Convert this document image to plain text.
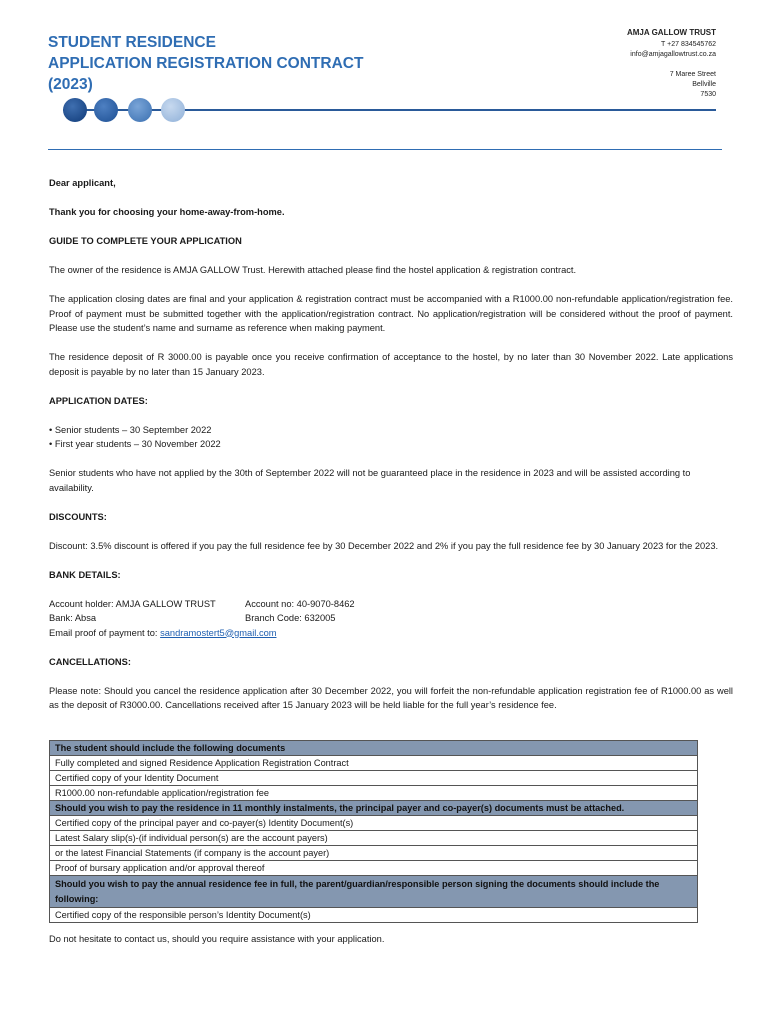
STUDENT RESIDENCE
APPLICATION REGISTRATION CONTRACT
(2023)
AMJA GALLOW TRUST
T +27 834545762
info@amjagallowtrust.co.za
7 Maree Street
Bellville
7530

Dear applicant,

Thank you for choosing your home-away-from-home.

GUIDE TO COMPLETE YOUR APPLICATION

The owner of the residence is AMJA GALLOW Trust. Herewith attached please find the hostel application & registration contract.

The application closing dates are final and your application & registration contract must be accompanied with a R1000.00 non-refundable application/registration fee. Proof of payment must be submitted together with the application/registration contract. No application/registration will be considered without the proof of payment. Please use the student’s name and surname as reference when making payment.

The residence deposit of R 3000.00 is payable once you receive confirmation of acceptance to the hostel, by no later than 30 November 2022. Late applications deposit is payable by no later than 15 January 2023.

APPLICATION DATES:

• Senior students – 30 September 2022

• First year students – 30 November 2022

Senior students who have not applied by the 30th of September 2022 will not be guaranteed place in the residence in 2023 and will be assisted according to availability.

DISCOUNTS:

Discount: 3.5% discount is offered if you pay the full residence fee by 30 December 2022 and 2% if you pay the full residence fee by 30 January 2023 for the 2023.

BANK DETAILS:

Account holder: AMJA GALLOW TRUST	Account no: 40-9070-8462
Bank: Absa	Branch Code: 632005

Email proof of payment to: sandramostert5@gmail.com

CANCELLATIONS:

Please note: Should you cancel the residence application after 30 December 2022, you will forfeit the non-refundable application registration fee of R1000.00 as well as the deposit of R3000.00. Cancellations received after 15 January 2023 will be held liable for the full year’s residence fee.

The student should include the following documents
Fully completed and signed Residence Application Registration Contract
Certified copy of your Identity Document
R1000.00 non-refundable application/registration fee
Should you wish to pay the residence in 11 monthly instalments, the principal payer and co-payer(s) documents must be attached.
Certified copy of the principal payer and co-payer(s) Identity Document(s)
Latest Salary slip(s)-(if individual person(s) are the account payers)
or the latest Financial Statements (if company is the account payer)
Proof of bursary application and/or approval thereof
Should you wish to pay the annual residence fee in full, the parent/guardian/responsible person signing the documents should include the following:
Certified copy of the responsible person’s Identity Document(s)
Do not hesitate to contact us, should you require assistance with your application.
